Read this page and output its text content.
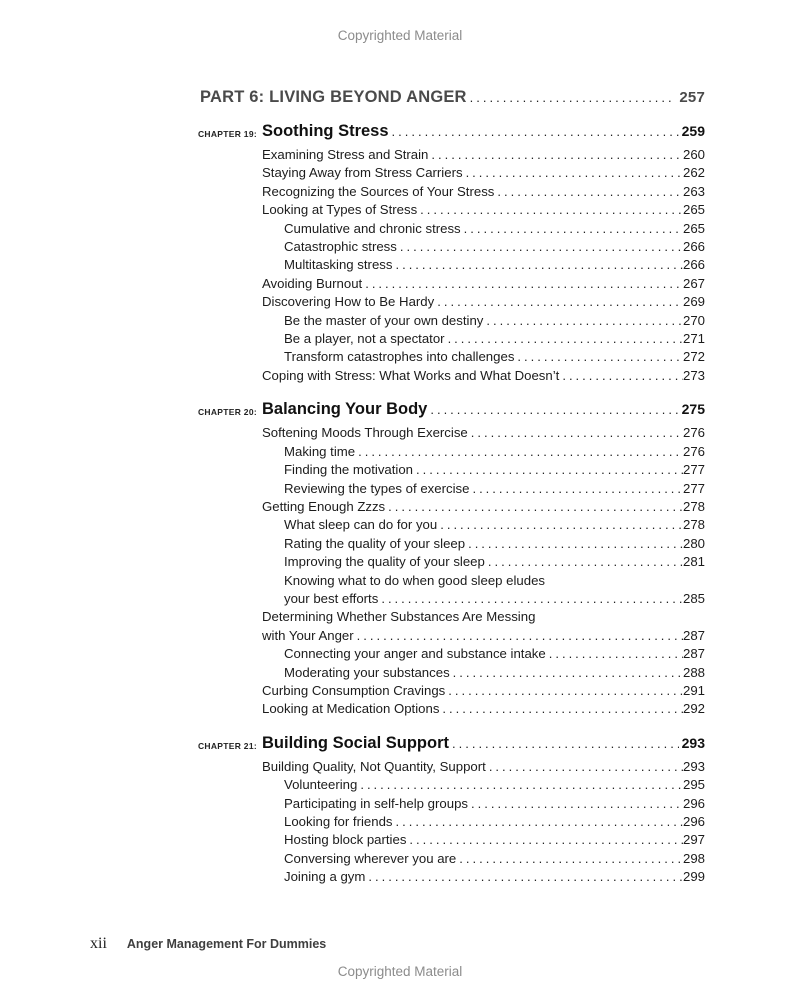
Copyrighted Material
PART 6: LIVING BEYOND ANGER .....	257
CHAPTER 19: Soothing Stress .....	259
Examining Stress and Strain .....	260
Staying Away from Stress Carriers .....	262
Recognizing the Sources of Your Stress .....	263
Looking at Types of Stress .....	265
Cumulative and chronic stress .....	265
Catastrophic stress .....	266
Multitasking stress .....	266
Avoiding Burnout .....	267
Discovering How to Be Hardy .....	269
Be the master of your own destiny .....	270
Be a player, not a spectator .....	271
Transform catastrophes into challenges .....	272
Coping with Stress: What Works and What Doesn’t .....	273
CHAPTER 20: Balancing Your Body .....	275
Softening Moods Through Exercise .....	276
Making time .....	276
Finding the motivation .....	277
Reviewing the types of exercise .....	277
Getting Enough Zzzs .....	278
What sleep can do for you .....	278
Rating the quality of your sleep .....	280
Improving the quality of your sleep .....	281
Knowing what to do when good sleep eludes
your best efforts .....	285
Determining Whether Substances Are Messing
with Your Anger .....	287
Connecting your anger and substance intake .....	287
Moderating your substances .....	288
Curbing Consumption Cravings .....	291
Looking at Medication Options .....	292
CHAPTER 21: Building Social Support .....	293
Building Quality, Not Quantity, Support .....	293
Volunteering .....	295
Participating in self-help groups .....	296
Looking for friends .....	296
Hosting block parties .....	297
Conversing wherever you are .....	298
Joining a gym .....	299
xii Anger Management For Dummies
Copyrighted Material
